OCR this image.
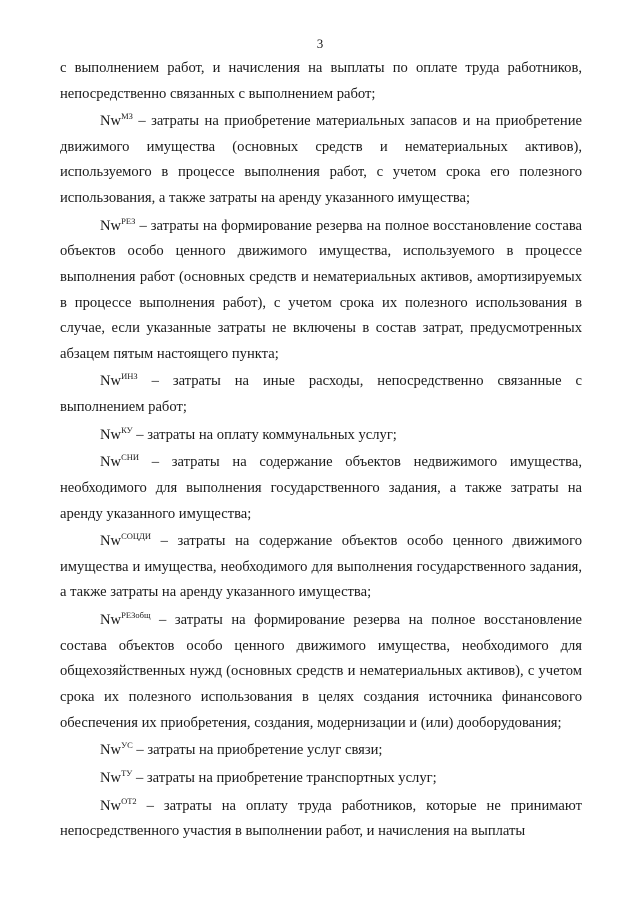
3

с выполнением работ, и начисления на выплаты по оплате труда работников, непосредственно связанных с выполнением работ;

$Nw^{МЗ}$ – затраты на приобретение материальных запасов и на приобретение движимого имущества (основных средств и нематериальных активов), используемого в процессе выполнения работ, с учетом срока его полезного использования, а также затраты на аренду указанного имущества;

$Nw^{РЕЗ}$ – затраты на формирование резерва на полное восстановление состава объектов особо ценного движимого имущества, используемого в процессе выполнения работ (основных средств и нематериальных активов, амортизируемых в процессе выполнения работ), с учетом срока их полезного использования в случае, если указанные затраты не включены в состав затрат, предусмотренных абзацем пятым настоящего пункта;

$Nw^{ИНЗ}$ – затраты на иные расходы, непосредственно связанные с выполнением работ;

$Nw^{КУ}$ – затраты на оплату коммунальных услуг;

$Nw^{СНИ}$ – затраты на содержание объектов недвижимого имущества, необходимого для выполнения государственного задания, а также затраты на аренду указанного имущества;

$Nw^{СОЦДИ}$ – затраты на содержание объектов особо ценного движимого имущества и имущества, необходимого для выполнения государственного задания, а также затраты на аренду указанного имущества;

$Nw^{РЕЗобщ}$ – затраты на формирование резерва на полное восстановление состава объектов особо ценного движимого имущества, необходимого для общехозяйственных нужд (основных средств и нематериальных активов), с учетом срока их полезного использования в целях создания источника финансового обеспечения их приобретения, создания, модернизации и (или) дооборудования;

$Nw^{УС}$ – затраты на приобретение услуг связи;

$Nw^{ТУ}$ – затраты на приобретение транспортных услуг;

$Nw^{ОТ2}$ – затраты на оплату труда работников, которые не принимают непосредственного участия в выполнении работ, и начисления на выплаты
